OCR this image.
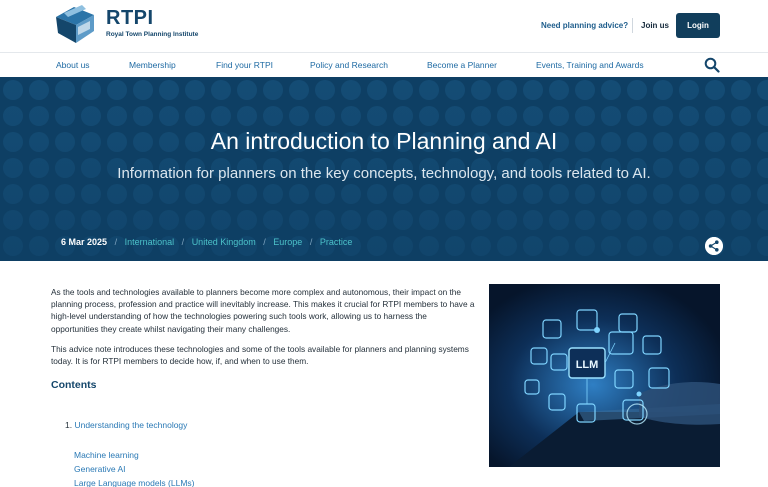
RTPI
Royal Town Planning Institute
Need planning advice? Join us	Login
About us	Membership	Find your RTPI	Policy and Research	Become a Planner	Events, Training and Awards
An introduction to Planning and AI
Information for planners on the key concepts, technology, and tools related to AI.
6 Mar 2025 / International / United Kingdom / Europe / Practice

As the tools and technologies available to planners become more complex and autonomous, their impact on the planning process, profession and practice will inevitably increase. This makes it crucial for RTPI members to have a high-level understanding of how the technologies powering such tools work, allowing us to harness the opportunities they create whilst navigating their many challenges.

This advice note introduces these technologies and some of the tools available for planners and planning systems today. It is for RTPI members to decide how, if, and when to use them.

Contents
1. Understanding the technology
Machine learning
Generative AI
Large Language models (LLMs)
LLM
